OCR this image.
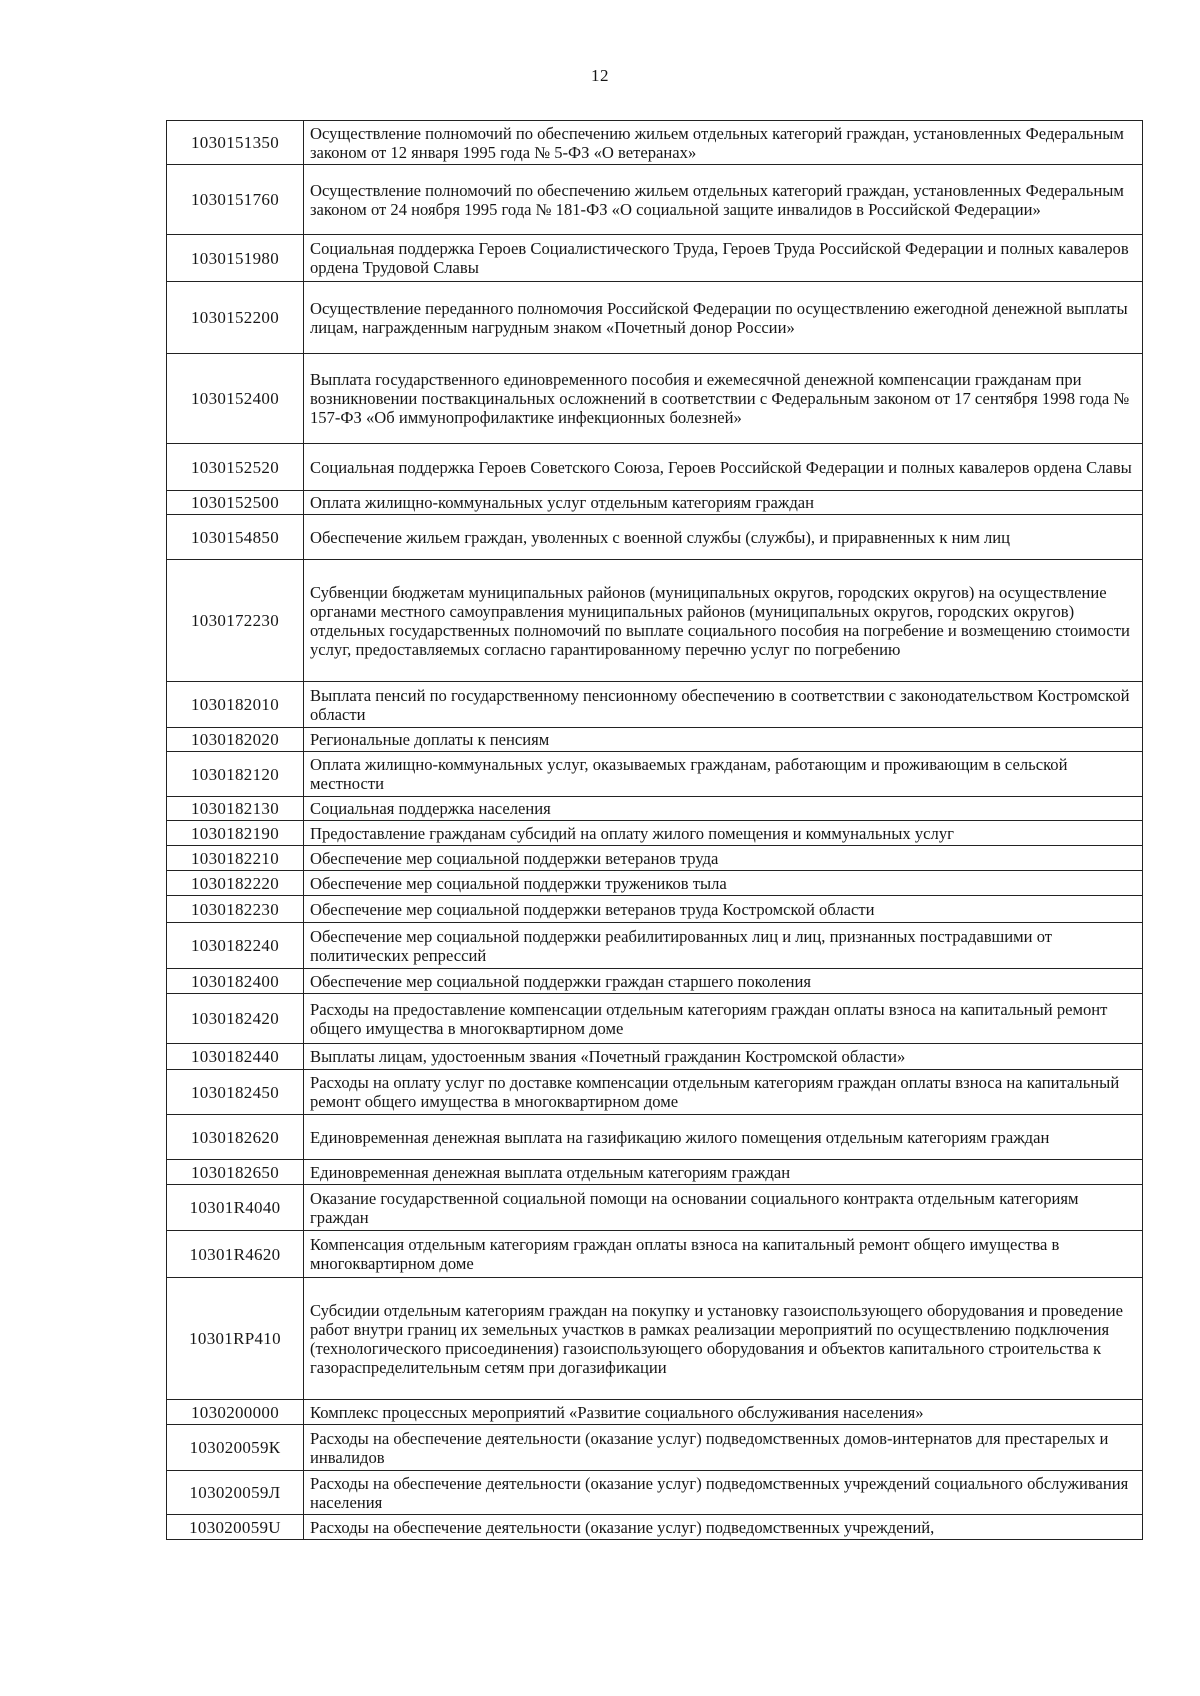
12
1030151350	Осуществление полномочий по обеспечению жильем отдельных категорий граждан, установленных Федеральным законом от 12 января 1995 года № 5-ФЗ «О ветеранах»
1030151760	Осуществление полномочий по обеспечению жильем отдельных категорий граждан, установленных Федеральным законом от 24 ноября 1995 года № 181-ФЗ «О социальной защите инвалидов в Российской Федерации»
1030151980	Социальная поддержка Героев Социалистического Труда, Героев Труда Российской Федерации и полных кавалеров ордена Трудовой Славы
1030152200	Осуществление переданного полномочия Российской Федерации по осуществлению ежегодной денежной выплаты лицам, награжденным нагрудным знаком «Почетный донор России»
1030152400	Выплата государственного единовременного пособия и ежемесячной денежной компенсации гражданам при возникновении поствакцинальных осложнений в соответствии с Федеральным законом от 17 сентября 1998 года № 157-ФЗ «Об иммунопрофилактике инфекционных болезней»
1030152520	Социальная поддержка Героев Советского Союза, Героев Российской Федерации и полных кавалеров ордена Славы
1030152500	Оплата жилищно-коммунальных услуг отдельным категориям граждан
1030154850	Обеспечение жильем граждан, уволенных с военной службы (службы), и приравненных к ним лиц
1030172230	Субвенции бюджетам муниципальных районов (муниципальных округов, городских округов) на осуществление органами местного самоуправления муниципальных районов (муниципальных округов, городских округов) отдельных государственных полномочий по выплате социального пособия на погребение и возмещению стоимости услуг, предоставляемых согласно гарантированному перечню услуг по погребению
1030182010	Выплата пенсий по государственному пенсионному обеспечению в соответствии с законодательством Костромской области
1030182020	Региональные доплаты к пенсиям
1030182120	Оплата жилищно-коммунальных услуг, оказываемых гражданам, работающим и проживающим в сельской местности
1030182130	Социальная поддержка населения
1030182190	Предоставление гражданам субсидий на оплату жилого помещения и коммунальных услуг
1030182210	Обеспечение мер социальной поддержки ветеранов труда
1030182220	Обеспечение мер социальной поддержки тружеников тыла
1030182230	Обеспечение мер социальной поддержки ветеранов труда Костромской области
1030182240	Обеспечение мер социальной поддержки реабилитированных лиц и лиц, признанных пострадавшими от политических репрессий
1030182400	Обеспечение мер социальной поддержки граждан старшего поколения
1030182420	Расходы на предоставление компенсации отдельным категориям граждан оплаты взноса на капитальный ремонт общего имущества в многоквартирном доме
1030182440	Выплаты лицам, удостоенным звания «Почетный гражданин Костромской области»
1030182450	Расходы на оплату услуг по доставке компенсации отдельным категориям граждан оплаты взноса на капитальный ремонт общего имущества в многоквартирном доме
1030182620	Единовременная денежная выплата на газификацию жилого помещения отдельным категориям граждан
1030182650	Единовременная денежная выплата отдельным категориям граждан
10301R4040	Оказание государственной социальной помощи на основании социального контракта отдельным категориям граждан
10301R4620	Компенсация отдельным категориям граждан оплаты взноса на капитальный ремонт общего имущества в многоквартирном доме
10301RP410	Субсидии отдельным категориям граждан на покупку и установку газоиспользующего оборудования и проведение работ внутри границ их земельных участков в рамках реализации мероприятий по осуществлению подключения (технологического присоединения) газоиспользующего оборудования и объектов капитального строительства к газораспределительным сетям при догазификации
1030200000	Комплекс процессных мероприятий «Развитие социального обслуживания населения»
103020059К	Расходы на обеспечение деятельности (оказание услуг) подведомственных домов-интернатов для престарелых и инвалидов
103020059Л	Расходы на обеспечение деятельности (оказание услуг) подведомственных учреждений социального обслуживания населения
103020059U	Расходы на обеспечение деятельности (оказание услуг) подведомственных учреждений,
